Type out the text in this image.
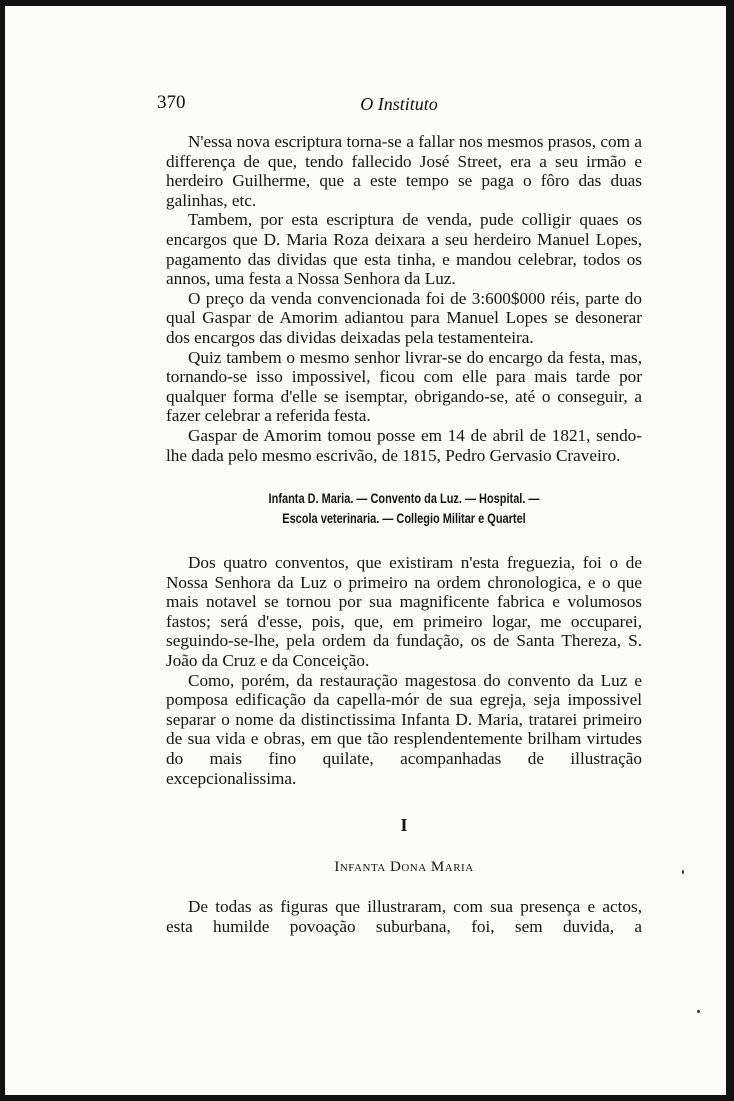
370	O Instituto

N'essa nova escriptura torna-se a fallar nos mesmos prasos, com a differença de que, tendo fallecido José Street, era a seu irmão e herdeiro Guilherme, que a este tempo se paga o fôro das duas galinhas, etc.

Tambem, por esta escriptura de venda, pude colligir quaes os encargos que D. Maria Roza deixara a seu herdeiro Manuel Lopes, pagamento das dividas que esta tinha, e mandou celebrar, todos os annos, uma festa a Nossa Senhora da Luz.

O preço da venda convencionada foi de 3:600$000 réis, parte do qual Gaspar de Amorim adiantou para Manuel Lopes se desonerar dos encargos das dividas deixadas pela testamenteira.

Quiz tambem o mesmo senhor livrar-se do encargo da festa, mas, tornando-se isso impossivel, ficou com elle para mais tarde por qualquer forma d'elle se isemptar, obrigando-se, até o conseguir, a fazer celebrar a referida festa.

Gaspar de Amorim tomou posse em 14 de abril de 1821, sendo-lhe dada pelo mesmo escrivão, de 1815, Pedro Gervasio Craveiro.

Infanta D. Maria. — Convento da Luz. — Hospital. —
Escola veterinaria. — Collegio Militar e Quartel

Dos quatro conventos, que existiram n'esta freguezia, foi o de Nossa Senhora da Luz o primeiro na ordem chronologica, e o que mais notavel se tornou por sua magnificente fabrica e volumosos fastos; será d'esse, pois, que, em primeiro logar, me occuparei, seguindo-se-lhe, pela ordem da fundação, os de Santa Thereza, S. João da Cruz e da Conceição.

Como, porém, da restauração magestosa do convento da Luz e pomposa edificação da capella-mór de sua egreja, seja impossivel separar o nome da distinctissima Infanta D. Maria, tratarei primeiro de sua vida e obras, em que tão resplendentemente brilham virtudes do mais fino quilate, acompanhadas de illustração excepcionalissima.

I
Infanta Dona Maria

De todas as figuras que illustraram, com sua presença e actos, esta humilde povoação suburbana, foi, sem duvida, a
